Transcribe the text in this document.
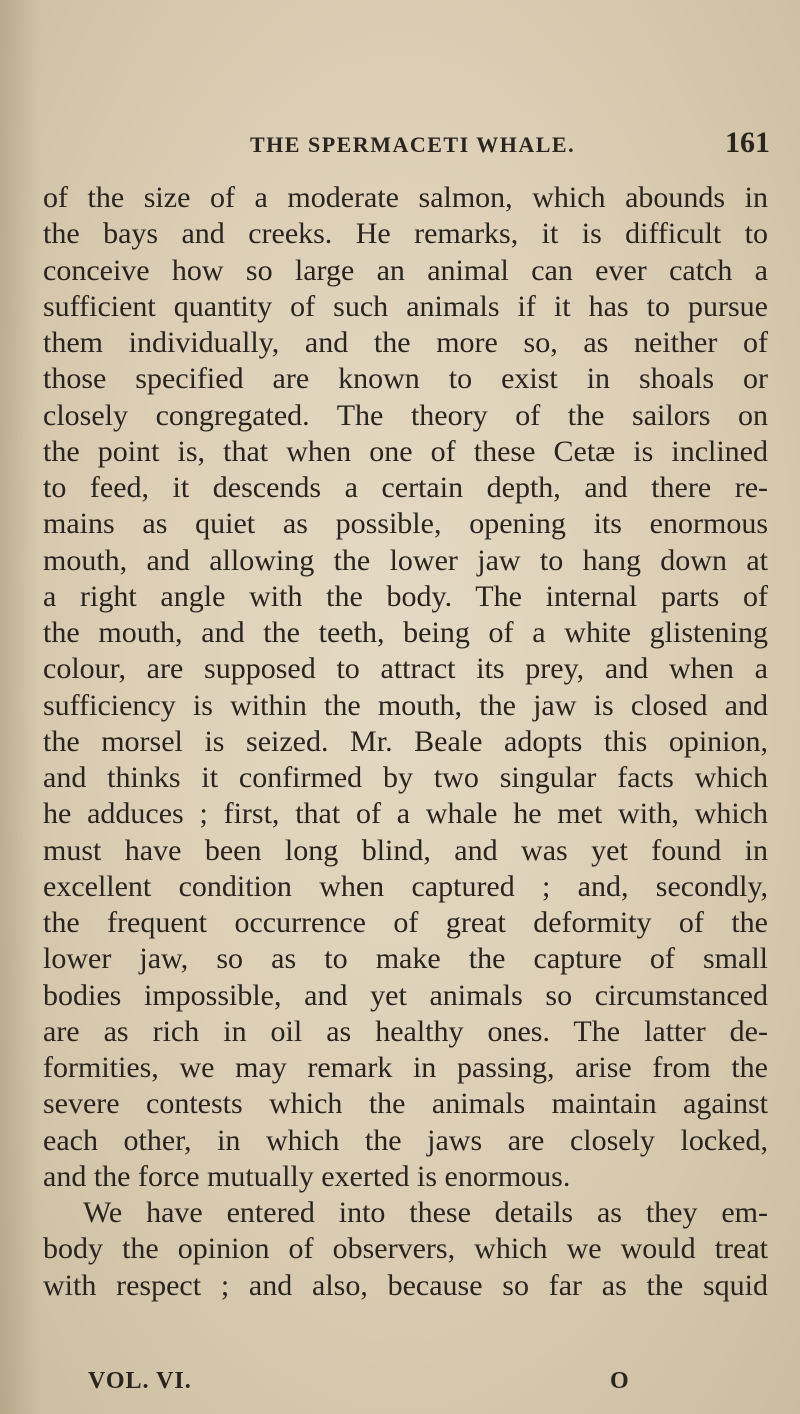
THE SPERMACETI WHALE.	161
of the size of a moderate salmon, which abounds in
the bays and creeks. He remarks, it is difficult to
conceive how so large an animal can ever catch a
sufficient quantity of such animals if it has to pursue
them individually, and the more so, as neither of
those specified are known to exist in shoals or
closely congregated. The theory of the sailors on
the point is, that when one of these Cetæ is inclined
to feed, it descends a certain depth, and there re-
mains as quiet as possible, opening its enormous
mouth, and allowing the lower jaw to hang down at
a right angle with the body. The internal parts of
the mouth, and the teeth, being of a white glistening
colour, are supposed to attract its prey, and when a
sufficiency is within the mouth, the jaw is closed and
the morsel is seized. Mr. Beale adopts this opinion,
and thinks it confirmed by two singular facts which
he adduces ; first, that of a whale he met with, which
must have been long blind, and was yet found in
excellent condition when captured ; and, secondly,
the frequent occurrence of great deformity of the
lower jaw, so as to make the capture of small
bodies impossible, and yet animals so circumstanced
are as rich in oil as healthy ones. The latter de-
formities, we may remark in passing, arise from the
severe contests which the animals maintain against
each other, in which the jaws are closely locked,
and the force mutually exerted is enormous.
We have entered into these details as they em-
body the opinion of observers, which we would treat
with respect ; and also, because so far as the squid
VOL. VI.	O
